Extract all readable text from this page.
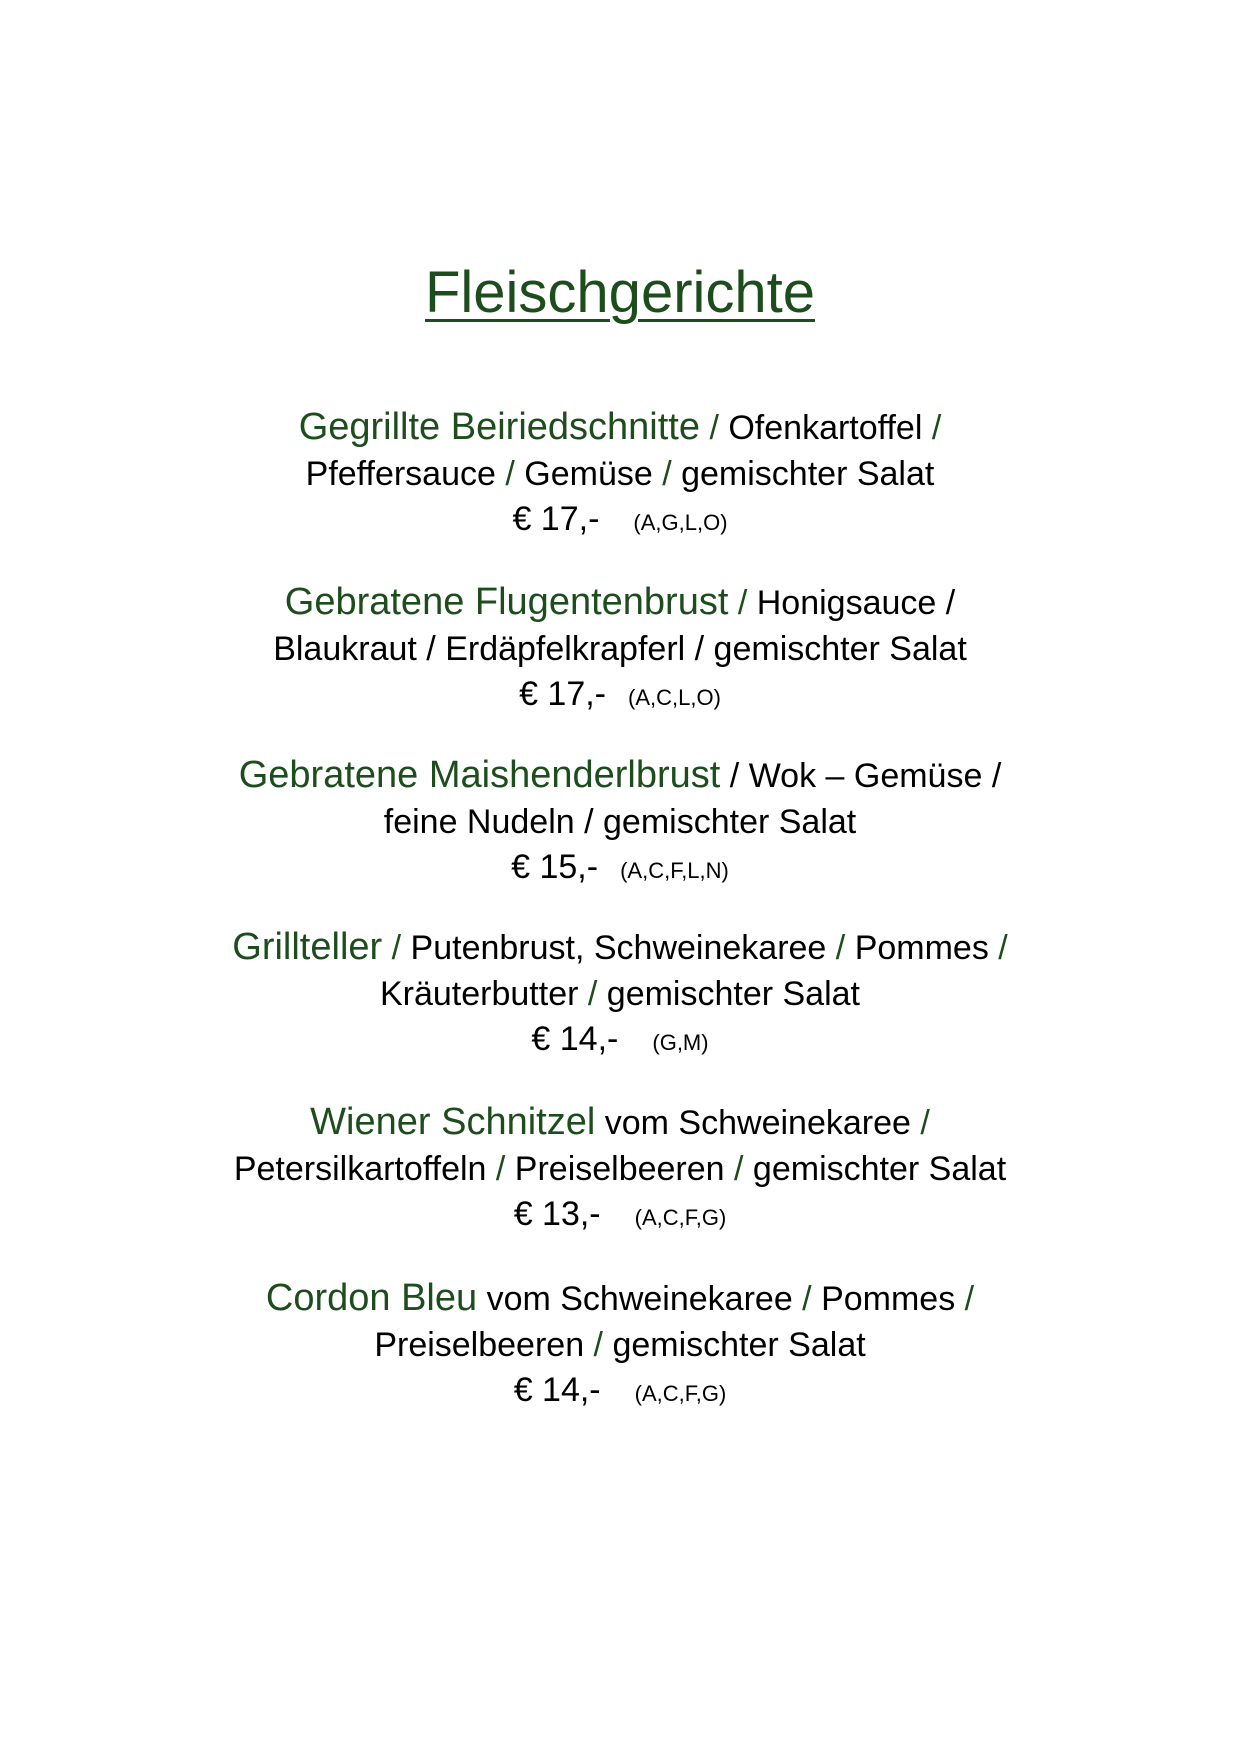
Fleischgerichte
Gegrillte Beiriedschnitte / Ofenkartoffel /
Pfeffersauce / Gemüse / gemischter Salat
€ 17,- (A,G,L,O)
Gebratene Flugentenbrust / Honigsauce /
Blaukraut / Erdäpfelkrapferl / gemischter Salat
€ 17,- (A,C,L,O)
Gebratene Maishenderlbrust / Wok – Gemüse /
feine Nudeln / gemischter Salat
€ 15,- (A,C,F,L,N)
Grillteller / Putenbrust, Schweinekaree / Pommes /
Kräuterbutter / gemischter Salat
€ 14,- (G,M)
Wiener Schnitzel vom Schweinekaree /
Petersilkartoffeln / Preiselbeeren / gemischter Salat
€ 13,- (A,C,F,G)
Cordon Bleu vom Schweinekaree / Pommes /
Preiselbeeren / gemischter Salat
€ 14,- (A,C,F,G)
